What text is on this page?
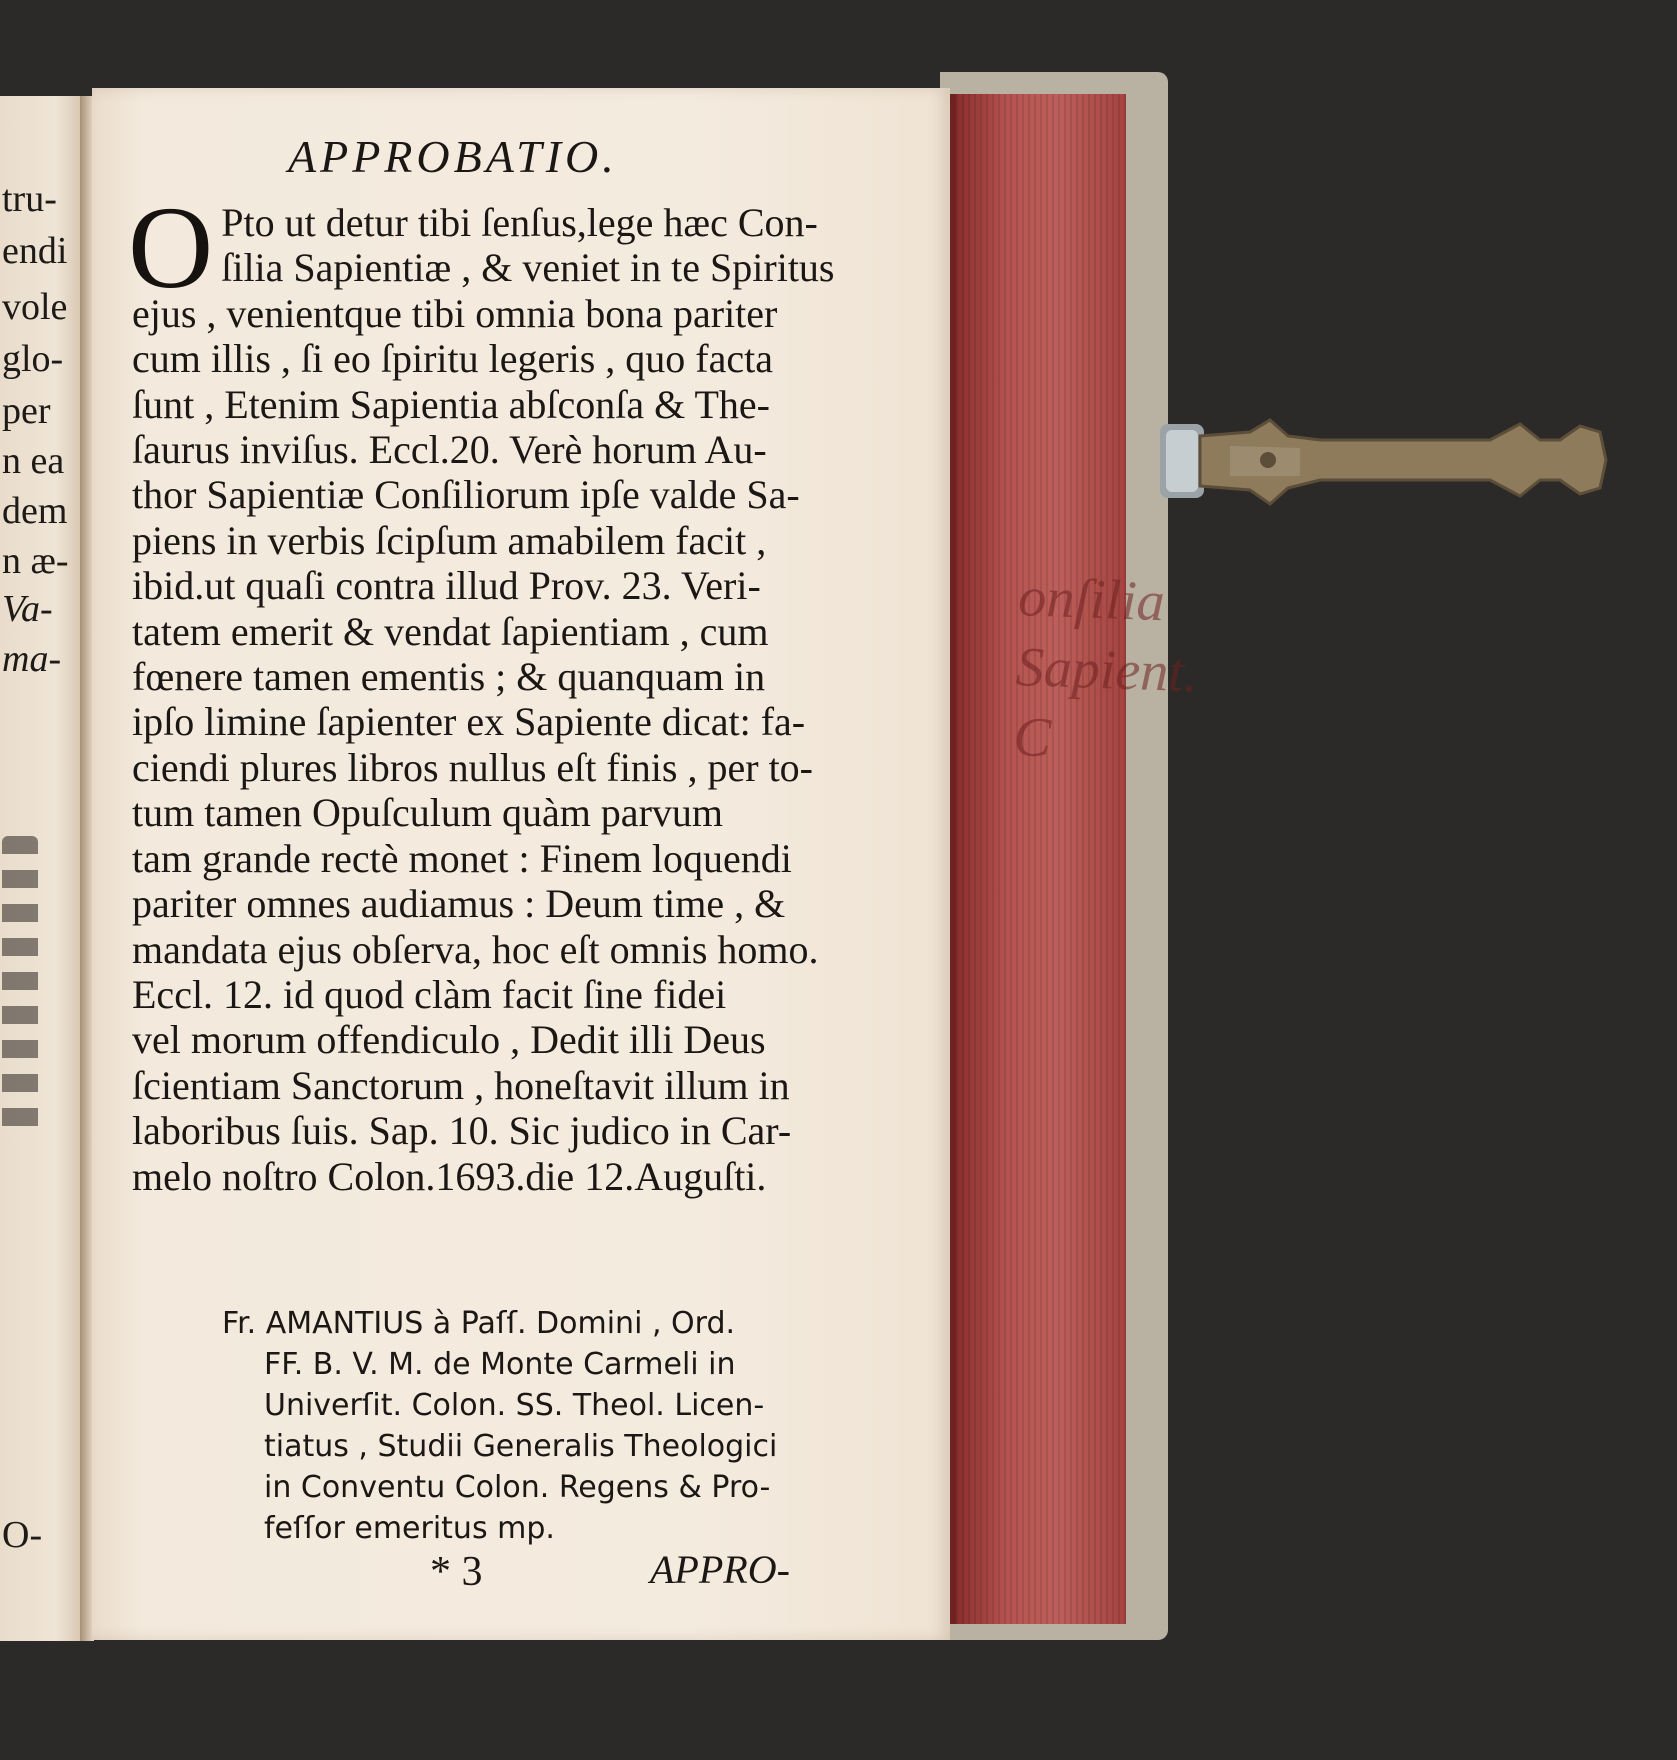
tru-
endi
vole
glo-
per
n ea
dem
n æ-
Va-
ma-
O-
onſilia
Sapient.
C
APPROBATIO.
O Pto ut detur tibi ſenſus,lege hæc Con-
ſilia Sapientiæ , & veniet in te Spiritus
ejus , venientque tibi omnia bona pariter
cum illis , ſi eo ſpiritu legeris , quo facta
ſunt , Etenim Sapientia abſconſa & The-
ſaurus inviſus. Eccl.20. Verè horum Au-
thor Sapientiæ Conſiliorum ipſe valde Sa-
piens in verbis ſcipſum amabilem facit ,
ibid.ut quaſi contra illud Prov. 23. Veri-
tatem emerit & vendat ſapientiam , cum
fœnere tamen ementis ; & quanquam in
ipſo limine ſapienter ex Sapiente dicat: fa-
ciendi plures libros nullus eſt finis , per to-
tum tamen Opuſculum quàm parvum
tam grande rectè monet : Finem loquendi
pariter omnes audiamus : Deum time , &
mandata ejus obſerva, hoc eſt omnis homo.
Eccl. 12. id quod clàm facit ſine fidei
vel morum offendiculo , Dedit illi Deus
ſcientiam Sanctorum , honeſtavit illum in
laboribus ſuis. Sap. 10. Sic judico in Car-
melo noſtro Colon.1693.die 12.Auguſti.
Fr. AMANTIUS à Paſſ. Domini , Ord.
FF. B. V. M. de Monte Carmeli in
Univerſit. Colon. SS. Theol. Licen-
tiatus , Studii Generalis Theologici
in Conventu Colon. Regens & Pro-
feſſor emeritus mp.
* 3	APPRO-
